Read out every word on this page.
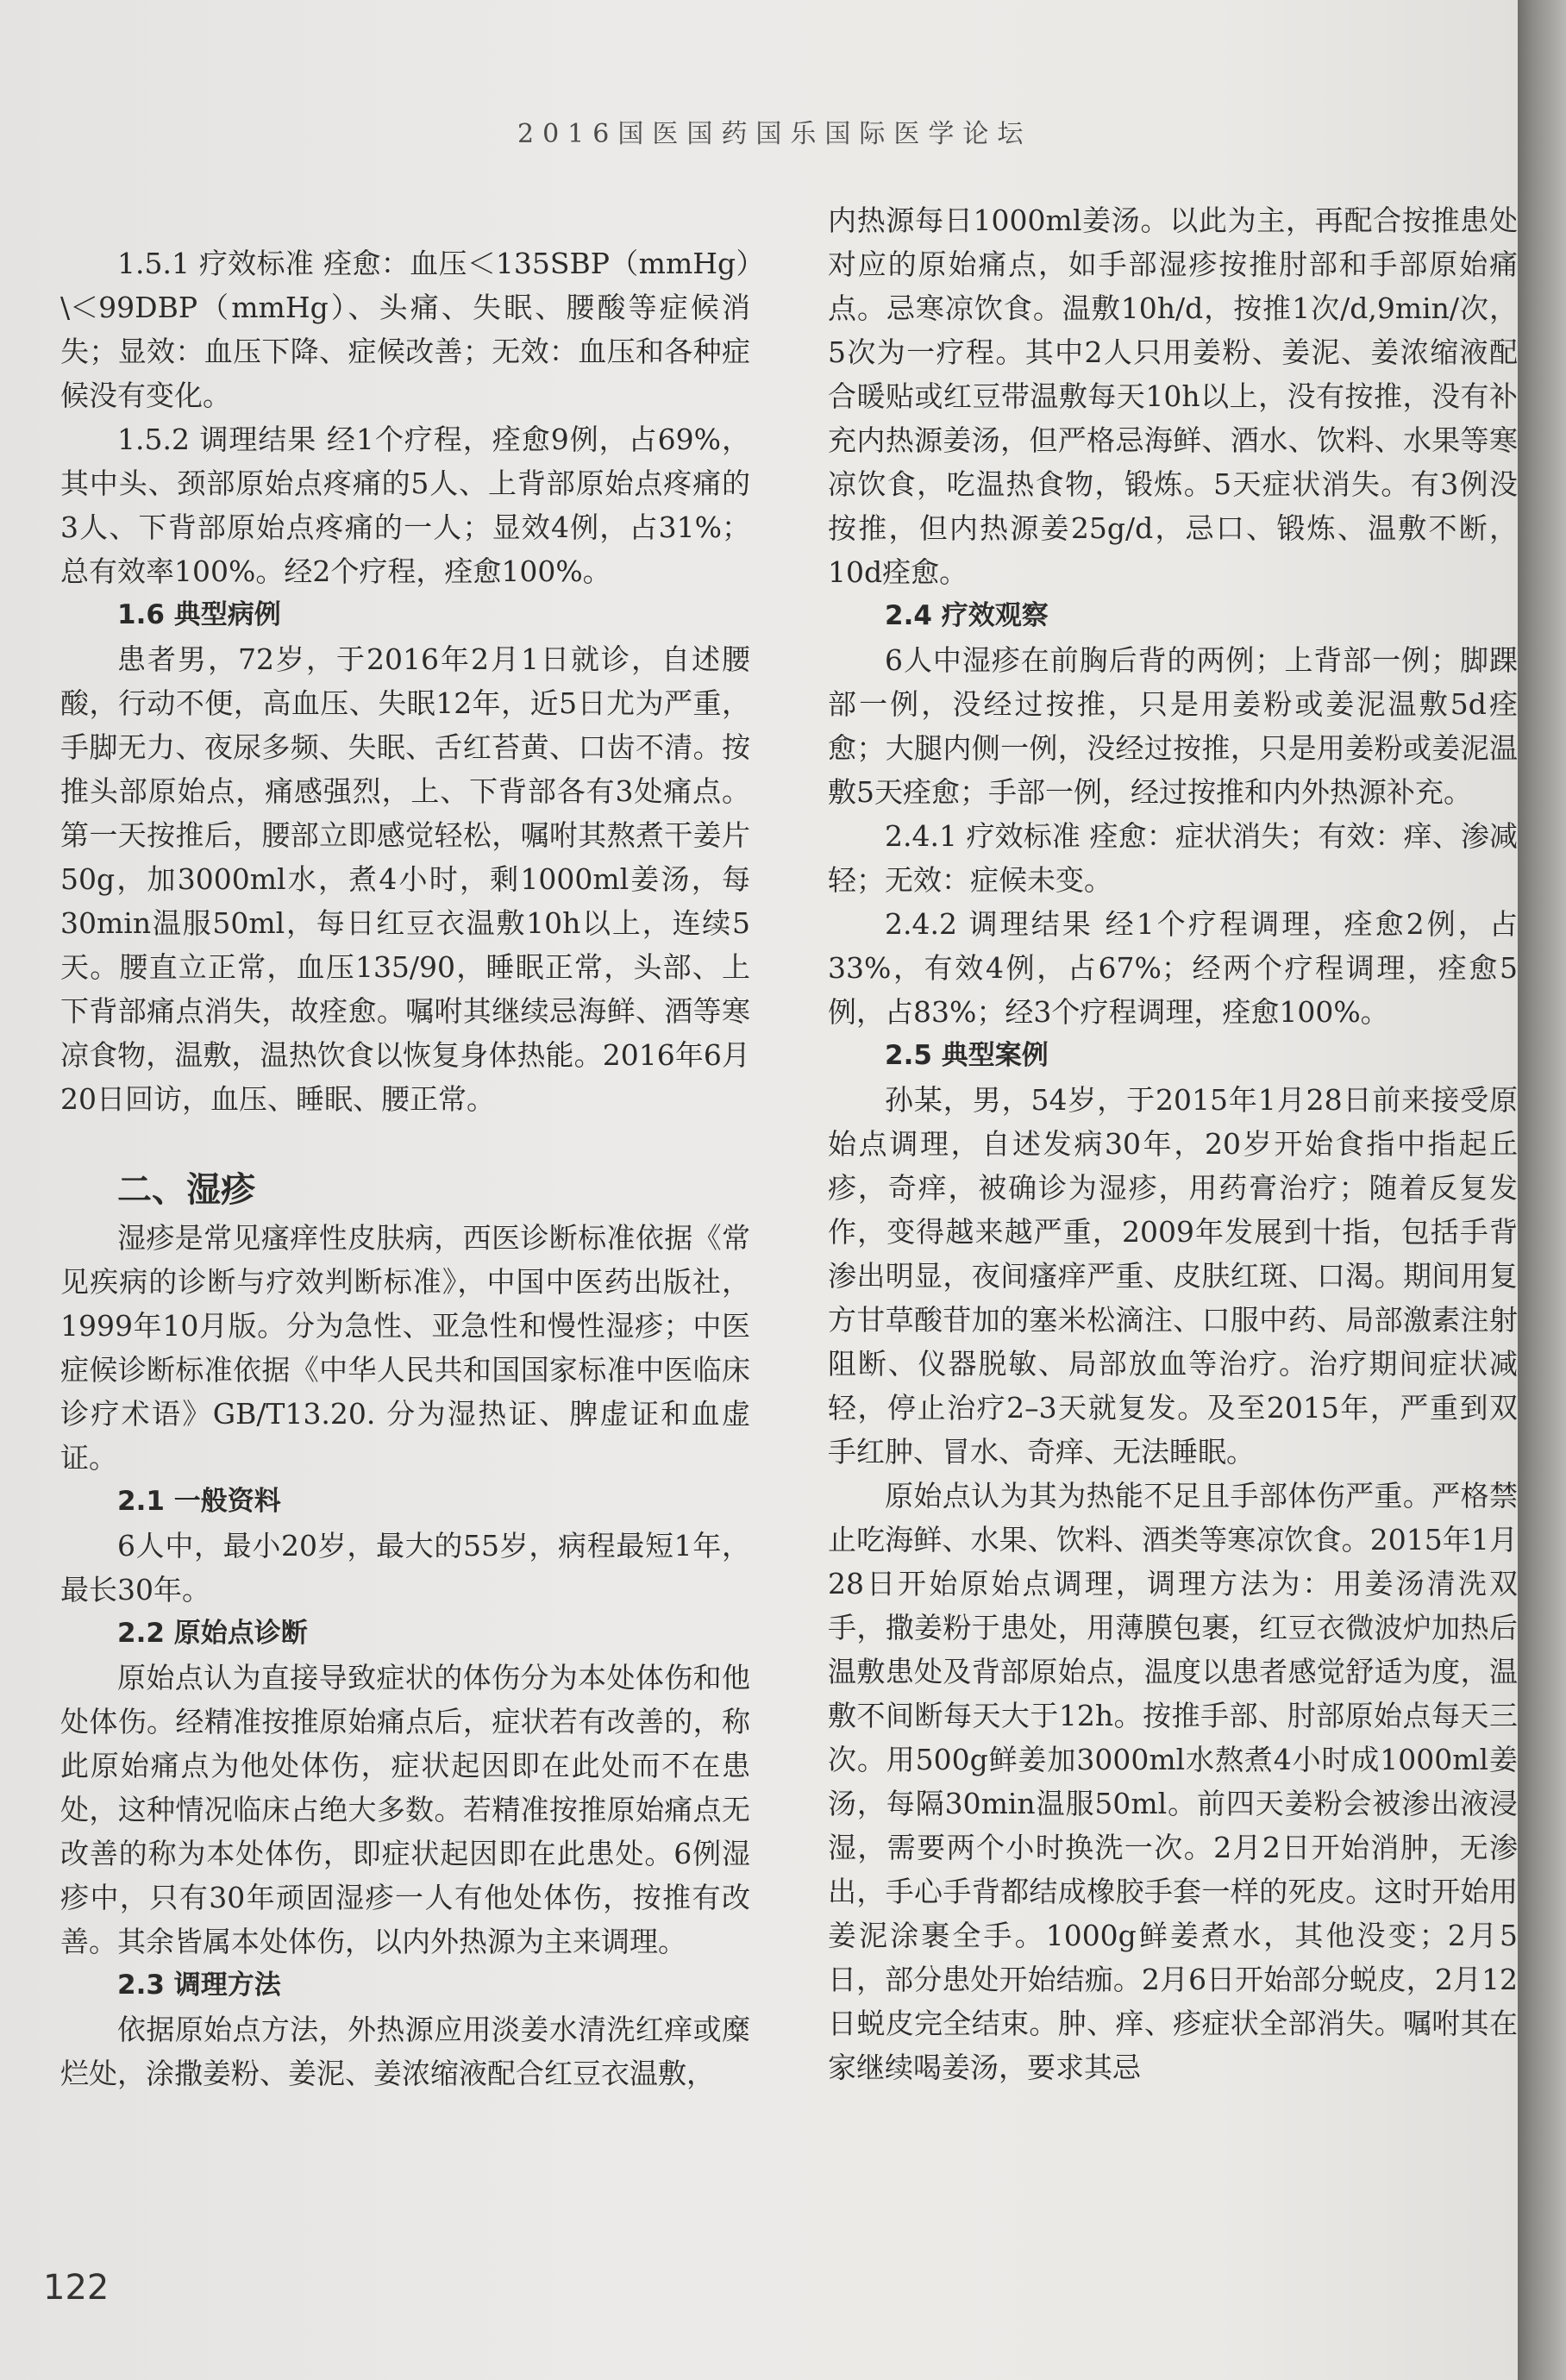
2016国医国药国乐国际医学论坛

1.5.1 疗效标准 痊愈：血压＜135SBP（mmHg）\＜99DBP（mmHg）、头痛、失眠、腰酸等症候消失；显效：血压下降、症候改善；无效：血压和各种症候没有变化。

1.5.2 调理结果 经1个疗程，痊愈9例，占69%，其中头、颈部原始点疼痛的5人、上背部原始点疼痛的3人、下背部原始点疼痛的一人；显效4例，占31%；总有效率100%。经2个疗程，痊愈100%。

1.6 典型病例

患者男，72岁，于2016年2月1日就诊，自述腰酸，行动不便，高血压、失眠12年，近5日尤为严重，手脚无力、夜尿多频、失眠、舌红苔黄、口齿不清。按推头部原始点，痛感强烈，上、下背部各有3处痛点。第一天按推后，腰部立即感觉轻松，嘱咐其熬煮干姜片50g，加3000ml水，煮4小时，剩1000ml姜汤，每30min温服50ml，每日红豆衣温敷10h以上，连续5天。腰直立正常，血压135/90，睡眠正常，头部、上下背部痛点消失，故痊愈。嘱咐其继续忌海鲜、酒等寒凉食物，温敷，温热饮食以恢复身体热能。2016年6月20日回访，血压、睡眠、腰正常。

二、湿疹

湿疹是常见瘙痒性皮肤病，西医诊断标准依据《常见疾病的诊断与疗效判断标准》，中国中医药出版社，1999年10月版。分为急性、亚急性和慢性湿疹；中医症候诊断标准依据《中华人民共和国国家标准中医临床诊疗术语》GB/T13.20. 分为湿热证、脾虚证和血虚证。

2.1 一般资料

6人中，最小20岁，最大的55岁，病程最短1年，最长30年。

2.2 原始点诊断

原始点认为直接导致症状的体伤分为本处体伤和他处体伤。经精准按推原始痛点后，症状若有改善的，称此原始痛点为他处体伤，症状起因即在此处而不在患处，这种情况临床占绝大多数。若精准按推原始痛点无改善的称为本处体伤，即症状起因即在此患处。6例湿疹中，只有30年顽固湿疹一人有他处体伤，按推有改善。其余皆属本处体伤，以内外热源为主来调理。

2.3 调理方法

依据原始点方法，外热源应用淡姜水清洗红痒或糜烂处，涂撒姜粉、姜泥、姜浓缩液配合红豆衣温敷，

内热源每日1000ml姜汤。以此为主，再配合按推患处对应的原始痛点，如手部湿疹按推肘部和手部原始痛点。忌寒凉饮食。温敷10h/d，按推1次/d,9min/次，5次为一疗程。其中2人只用姜粉、姜泥、姜浓缩液配合暖贴或红豆带温敷每天10h以上，没有按推，没有补充内热源姜汤，但严格忌海鲜、酒水、饮料、水果等寒凉饮食，吃温热食物，锻炼。5天症状消失。有3例没按推，但内热源姜25g/d，忌口、锻炼、温敷不断，10d痊愈。

2.4 疗效观察

6人中湿疹在前胸后背的两例；上背部一例；脚踝部一例，没经过按推，只是用姜粉或姜泥温敷5d痊愈；大腿内侧一例，没经过按推，只是用姜粉或姜泥温敷5天痊愈；手部一例，经过按推和内外热源补充。

2.4.1 疗效标准 痊愈：症状消失；有效：痒、渗减轻；无效：症候未变。

2.4.2 调理结果 经1个疗程调理，痊愈2例，占33%，有效4例，占67%；经两个疗程调理，痊愈5例，占83%；经3个疗程调理，痊愈100%。

2.5 典型案例

孙某，男，54岁，于2015年1月28日前来接受原始点调理，自述发病30年，20岁开始食指中指起丘疹，奇痒，被确诊为湿疹，用药膏治疗；随着反复发作，变得越来越严重，2009年发展到十指，包括手背渗出明显，夜间瘙痒严重、皮肤红斑、口渴。期间用复方甘草酸苷加的塞米松滴注、口服中药、局部激素注射阻断、仪器脱敏、局部放血等治疗。治疗期间症状减轻，停止治疗2–3天就复发。及至2015年，严重到双手红肿、冒水、奇痒、无法睡眠。

原始点认为其为热能不足且手部体伤严重。严格禁止吃海鲜、水果、饮料、酒类等寒凉饮食。2015年1月28日开始原始点调理，调理方法为：用姜汤清洗双手，撒姜粉于患处，用薄膜包裹，红豆衣微波炉加热后温敷患处及背部原始点，温度以患者感觉舒适为度，温敷不间断每天大于12h。按推手部、肘部原始点每天三次。用500g鲜姜加3000ml水熬煮4小时成1000ml姜汤，每隔30min温服50ml。前四天姜粉会被渗出液浸湿，需要两个小时换洗一次。2月2日开始消肿，无渗出，手心手背都结成橡胶手套一样的死皮。这时开始用姜泥涂裹全手。1000g鲜姜煮水，其他没变；2月5日，部分患处开始结痂。2月6日开始部分蜕皮，2月12日蜕皮完全结束。肿、痒、疹症状全部消失。嘱咐其在家继续喝姜汤，要求其忌

122
